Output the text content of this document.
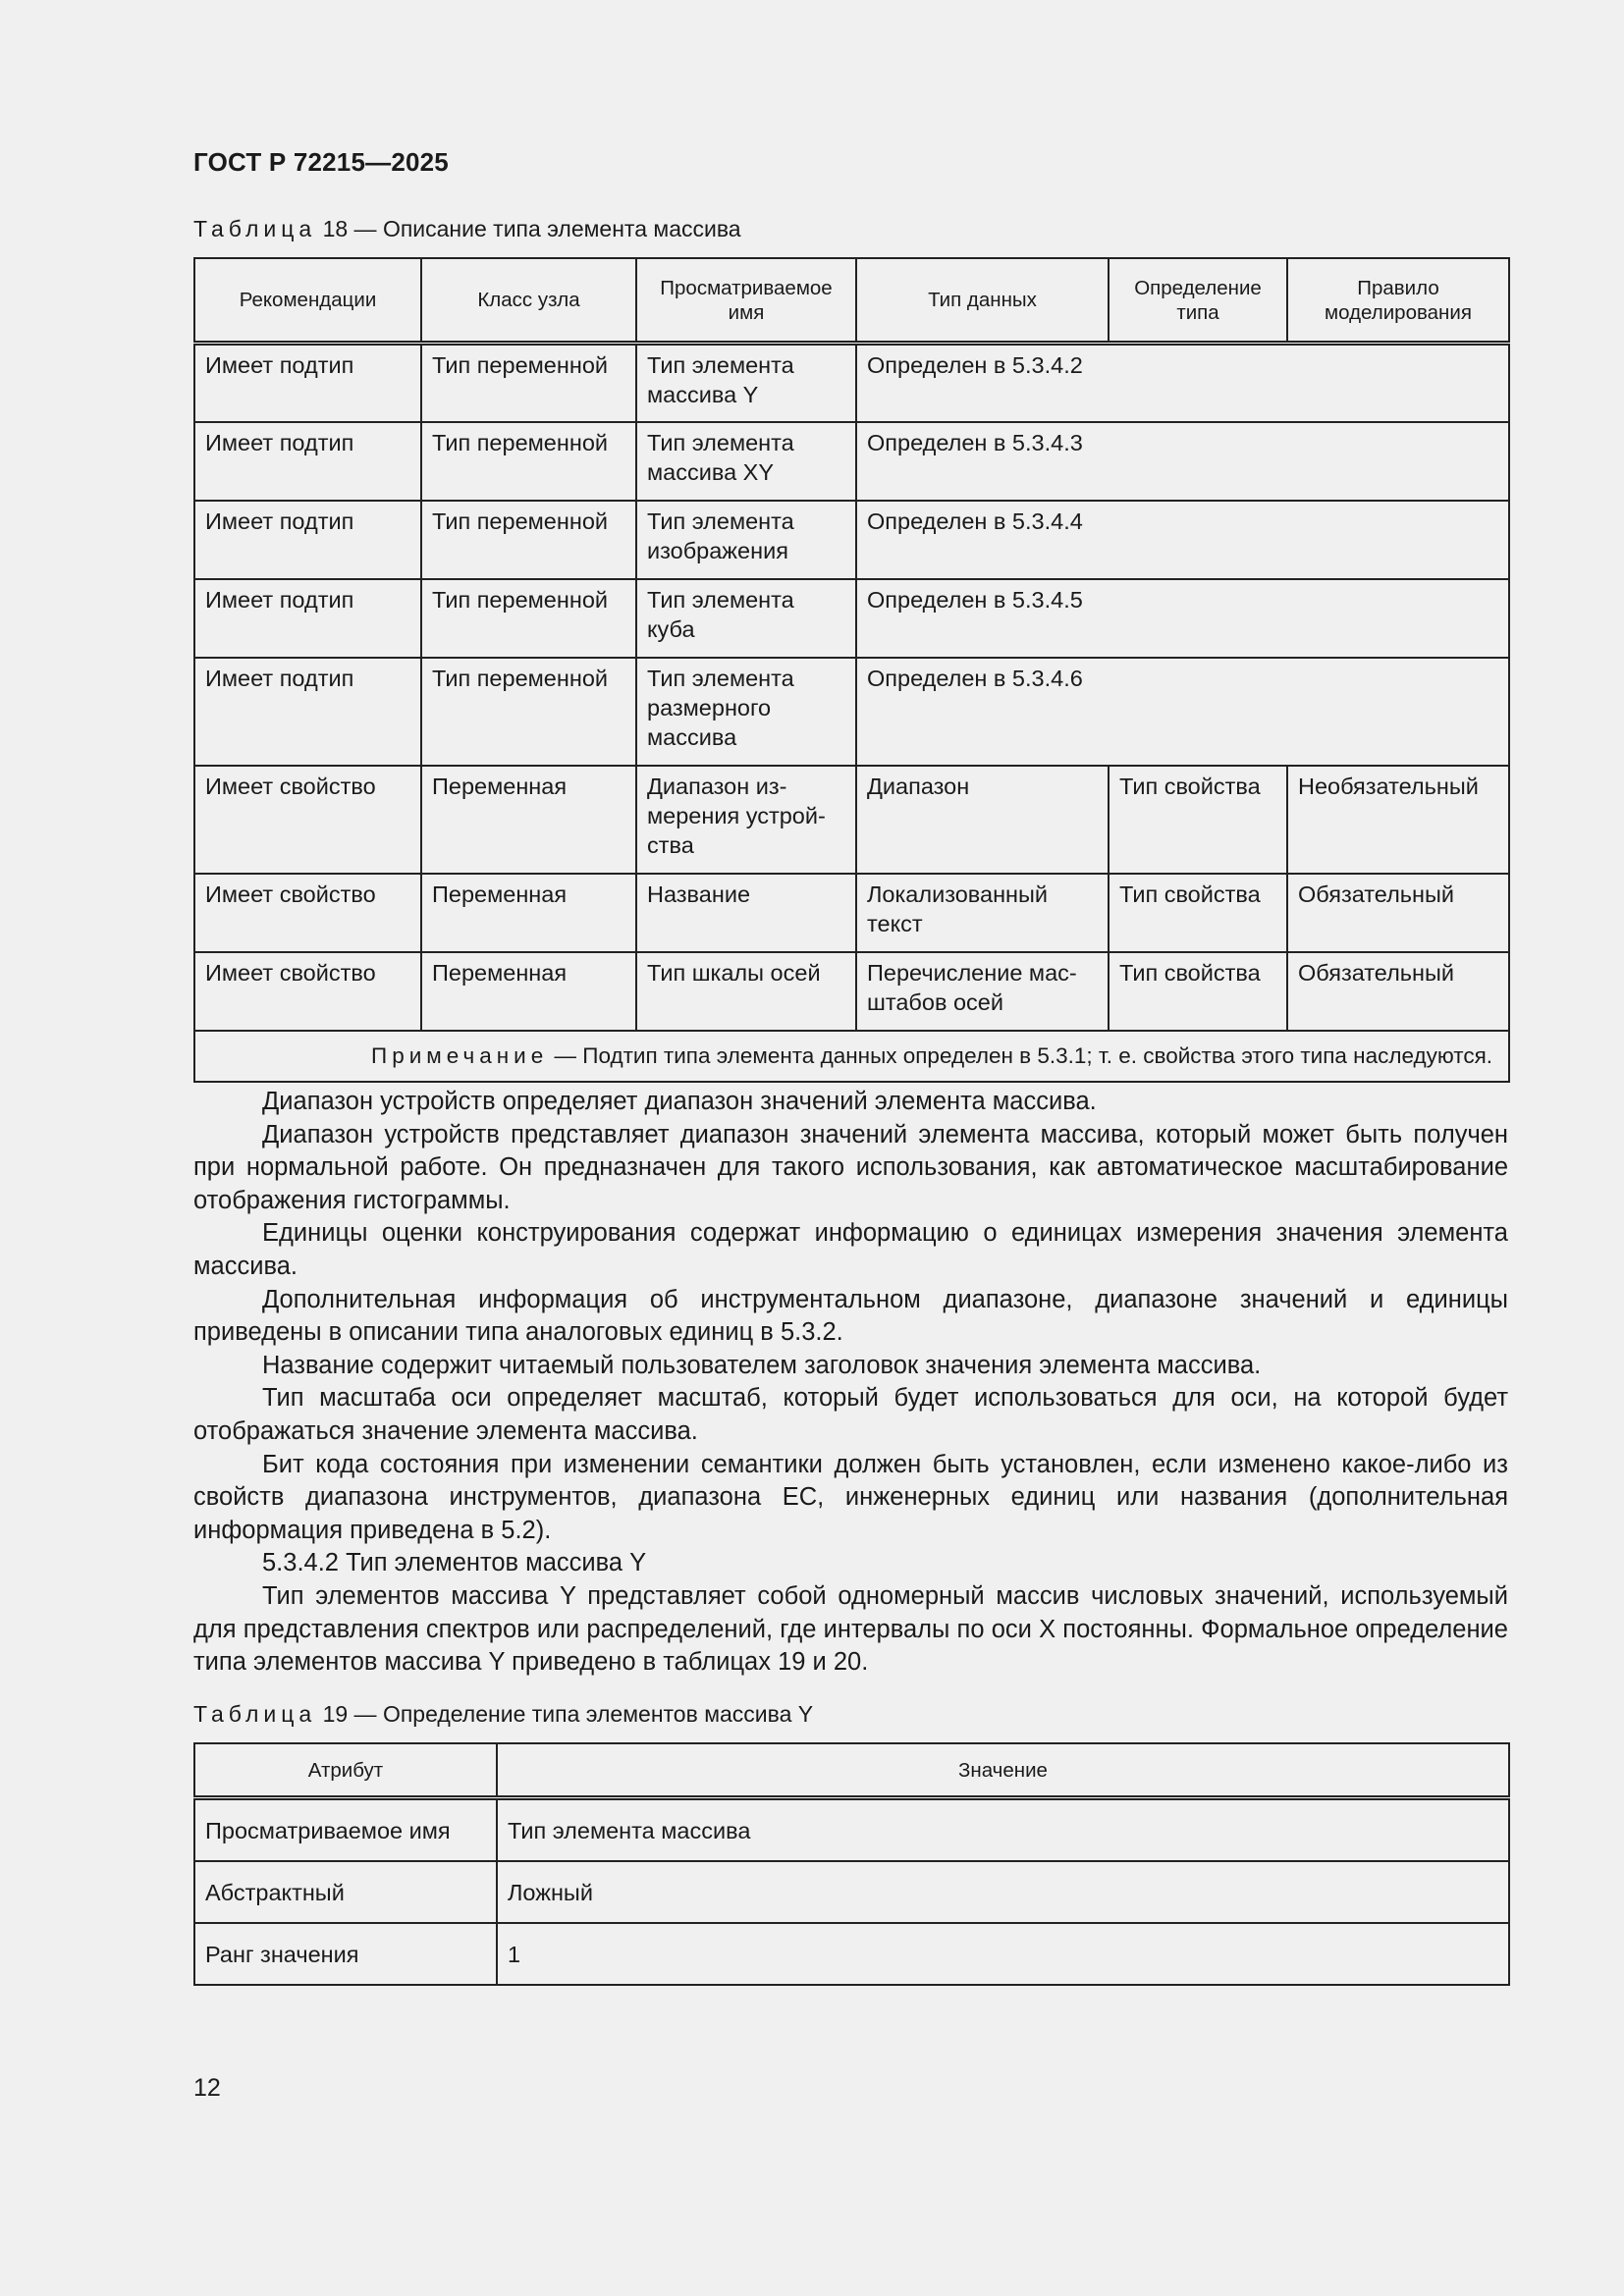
ГОСТ Р 72215—2025
Таблица 18 — Описание типа элемента массива
Рекомендации	Класс узла	Просматриваемое имя	Тип данных	Определение типа	Правило моделирования
Имеет подтип	Тип переменной	Тип элемента массива Y	Определен в 5.3.4.2		
Имеет подтип	Тип переменной	Тип элемента массива XY	Определен в 5.3.4.3		
Имеет подтип	Тип переменной	Тип элемента изображения	Определен в 5.3.4.4		
Имеет подтип	Тип переменной	Тип элемента куба	Определен в 5.3.4.5		
Имеет подтип	Тип переменной	Тип элемента размерного массива	Определен в 5.3.4.6		
Имеет свойство	Переменная	Диапазон измерения устройства	Диапазон	Тип свойства	Необязательный
Имеет свойство	Переменная	Название	Локализованный текст	Тип свойства	Обязательный
Имеет свойство	Переменная	Тип шкалы осей	Перечисление масштабов осей	Тип свойства	Обязательный
Примечание — Подтип типа элемента данных определен в 5.3.1; т. е. свойства этого типа наследуются.					

Диапазон устройств определяет диапазон значений элемента массива.

Диапазон устройств представляет диапазон значений элемента массива, который может быть получен при нормальной работе. Он предназначен для такого использования, как автоматическое масштабирование отображения гистограммы.

Единицы оценки конструирования содержат информацию о единицах измерения значения элемента массива.

Дополнительная информация об инструментальном диапазоне, диапазоне значений и единицы приведены в описании типа аналоговых единиц в 5.3.2.

Название содержит читаемый пользователем заголовок значения элемента массива.

Тип масштаба оси определяет масштаб, который будет использоваться для оси, на которой будет отображаться значение элемента массива.

Бит кода состояния при изменении семантики должен быть установлен, если изменено какое-либо из свойств диапазона инструментов, диапазона ЕС, инженерных единиц или названия (дополнительная информация приведена в 5.2).

5.3.4.2 Тип элементов массива Y

Тип элементов массива Y представляет собой одномерный массив числовых значений, используемый для представления спектров или распределений, где интервалы по оси X постоянны. Формальное определение типа элементов массива Y приведено в таблицах 19 и 20.

Таблица 19 — Определение типа элементов массива Y
Атрибут	Значение
Просматриваемое имя	Тип элемента массива
Абстрактный	Ложный
Ранг значения	1
12
